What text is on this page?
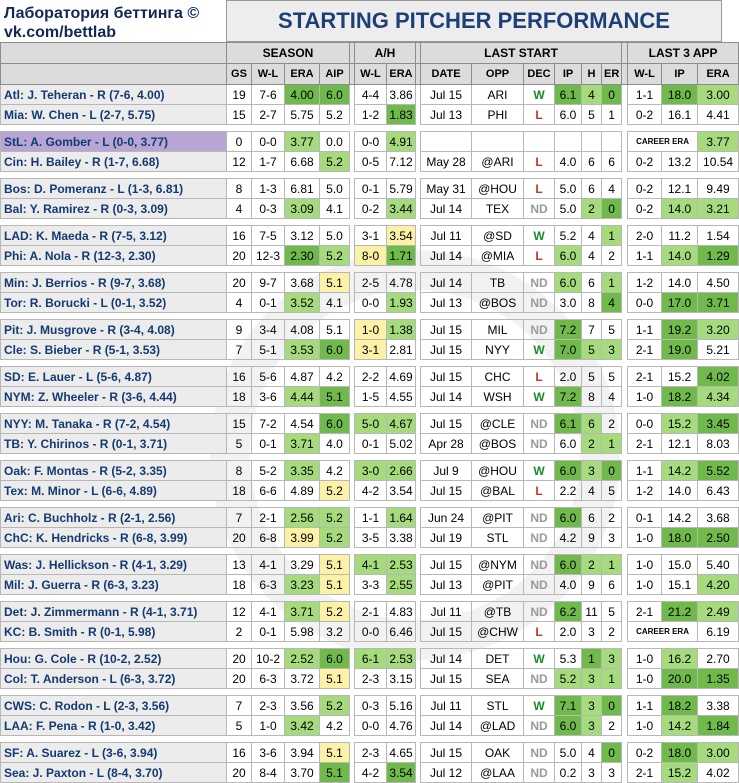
Лаборатория беттинга ©
vk.com/bettlab	STARTING PITCHER PERFORMANCE
	SEASON					A/H			LAST START							LAST 3 APP		
	GS	W-L	ERA	AIP		W-L	ERA		DATE	OPP	DEC	IP	H	ER		W-L	IP	ERA
Atl: J. Teheran - R (7-6, 4.00)	19	7-6	4.00	6.0		4-4	3.86		Jul 15	ARI	W	6.1	4	0		1-1	18.0	3.00
Mia: W. Chen - L (2-7, 5.75)	15	2-7	5.75	5.2		1-2	1.83		Jul 13	PHI	L	6.0	5	1		0-2	16.1	4.41

StL: A. Gomber - L (0-0, 3.77)	0	0-0	3.77	0.0		0-0	4.91									CAREER ERA		3.77
Cin: H. Bailey - R (1-7, 6.68)	12	1-7	6.68	5.2		0-5	7.12		May 28	@ARI	L	4.0	6	6		0-2	13.2	10.54

Bos: D. Pomeranz - L (1-3, 6.81)	8	1-3	6.81	5.0		0-1	5.79		May 31	@HOU	L	5.0	6	4		0-2	12.1	9.49
Bal: Y. Ramirez - R (0-3, 3.09)	4	0-3	3.09	4.1		0-2	3.44		Jul 14	TEX	ND	5.0	2	0		0-2	14.0	3.21

LAD: K. Maeda - R (7-5, 3.12)	16	7-5	3.12	5.0		3-1	3.54		Jul 11	@SD	W	5.2	4	1		2-0	11.2	1.54
Phi: A. Nola - R (12-3, 2.30)	20	12-3	2.30	5.2		8-0	1.71		Jul 14	@MIA	L	6.0	4	2		1-1	14.0	1.29

Min: J. Berrios - R (9-7, 3.68)	20	9-7	3.68	5.1		2-5	4.78		Jul 14	TB	ND	6.0	6	1		1-2	14.0	4.50
Tor: R. Borucki - L (0-1, 3.52)	4	0-1	3.52	4.1		0-0	1.93		Jul 13	@BOS	ND	3.0	8	4		0-0	17.0	3.71

Pit: J. Musgrove - R (3-4, 4.08)	9	3-4	4.08	5.1		1-0	1.38		Jul 15	MIL	ND	7.2	7	5		1-1	19.2	3.20
Cle: S. Bieber - R (5-1, 3.53)	7	5-1	3.53	6.0		3-1	2.81		Jul 15	NYY	W	7.0	5	3		2-1	19.0	5.21

SD: E. Lauer - L (5-6, 4.87)	16	5-6	4.87	4.2		2-2	4.69		Jul 15	CHC	L	2.0	5	5		2-1	15.2	4.02
NYM: Z. Wheeler - R (3-6, 4.44)	18	3-6	4.44	5.1		1-5	4.55		Jul 14	WSH	W	7.2	8	4		1-0	18.2	4.34

NYY: M. Tanaka - R (7-2, 4.54)	15	7-2	4.54	6.0		5-0	4.67		Jul 15	@CLE	ND	6.1	6	2		0-0	15.2	3.45
TB: Y. Chirinos - R (0-1, 3.71)	5	0-1	3.71	4.0		0-1	5.02		Apr 28	@BOS	ND	6.0	2	1		2-1	12.1	8.03

Oak: F. Montas - R (5-2, 3.35)	8	5-2	3.35	4.2		3-0	2.66		Jul 9	@HOU	W	6.0	3	0		1-1	14.2	5.52
Tex: M. Minor - L (6-6, 4.89)	18	6-6	4.89	5.2		4-2	3.54		Jul 15	@BAL	L	2.2	4	5		1-2	14.0	6.43

Ari: C. Buchholz - R (2-1, 2.56)	7	2-1	2.56	5.2		1-1	1.64		Jun 24	@PIT	ND	6.0	6	2		0-1	14.2	3.68
ChC: K. Hendricks - R (6-8, 3.99)	20	6-8	3.99	5.2		3-5	3.38		Jul 19	STL	ND	4.2	9	3		1-0	18.0	2.50

Was: J. Hellickson - R (4-1, 3.29)	13	4-1	3.29	5.1		4-1	2.53		Jul 15	@NYM	ND	6.0	2	1		1-0	15.0	5.40
Mil: J. Guerra - R (6-3, 3.23)	18	6-3	3.23	5.1		3-3	2.55		Jul 13	@PIT	ND	4.0	9	6		1-0	15.1	4.20

Det: J. Zimmermann - R (4-1, 3.71)	12	4-1	3.71	5.2		2-1	4.83		Jul 11	@TB	ND	6.2	11	5		2-1	21.2	2.49
KC: B. Smith - R (0-1, 5.98)	2	0-1	5.98	3.2		0-0	6.46		Jul 15	@CHW	L	2.0	3	2		CAREER ERA		6.19

Hou: G. Cole - R (10-2, 2.52)	20	10-2	2.52	6.0		6-1	2.53		Jul 14	DET	W	5.3	1	3		1-0	16.2	2.70
Col: T. Anderson - L (6-3, 3.72)	20	6-3	3.72	5.1		2-3	3.15		Jul 15	SEA	ND	5.2	3	1		1-0	20.0	1.35

CWS: C. Rodon - L (2-3, 3.56)	7	2-3	3.56	5.2		0-3	5.16		Jul 11	STL	W	7.1	3	0		1-1	18.2	3.38
LAA: F. Pena - R (1-0, 3.42)	5	1-0	3.42	4.2		0-0	4.76		Jul 14	@LAD	ND	6.0	3	2		1-0	14.2	1.84

SF: A. Suarez - L (3-6, 3.94)	16	3-6	3.94	5.1		2-3	4.65		Jul 15	OAK	ND	5.0	4	0		0-2	18.0	3.00
Sea: J. Paxton - L (8-4, 3.70)	20	8-4	3.70	5.1		4-2	3.54		Jul 12	@LAA	ND	0.2	3	3		2-1	15.2	4.02
